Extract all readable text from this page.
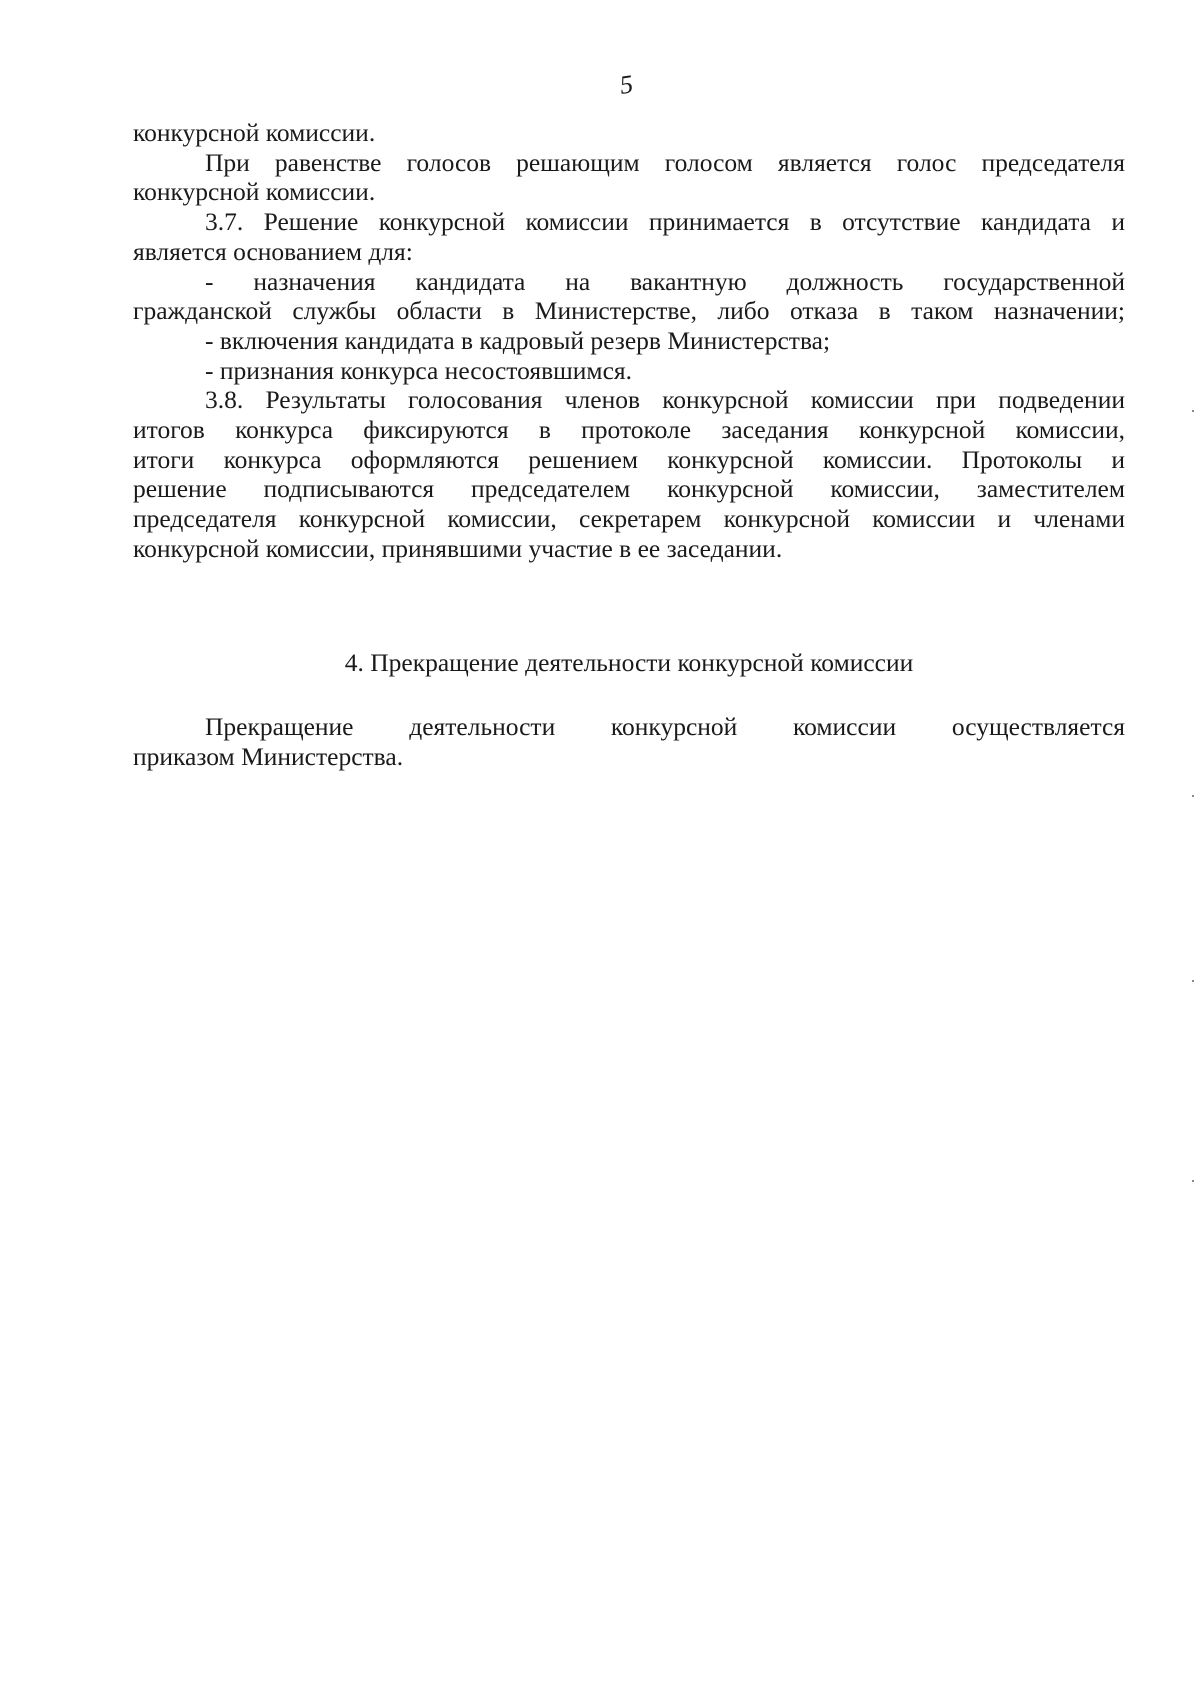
5
конкурсной комиссии.
При равенстве голосов решающим голосом является голос председателя
конкурсной комиссии.
3.7. Решение конкурсной комиссии принимается в отсутствие кандидата и
является основанием для:
- назначения кандидата на вакантную должность государственной
гражданской службы области в Министерстве, либо отказа в таком назначении;
- включения кандидата в кадровый резерв Министерства;
- признания конкурса несостоявшимся.
3.8. Результаты голосования членов конкурсной комиссии при подведении
итогов конкурса фиксируются в протоколе заседания конкурсной комиссии,
итоги конкурса оформляются решением конкурсной комиссии. Протоколы и
решение подписываются председателем конкурсной комиссии, заместителем
председателя конкурсной комиссии, секретарем конкурсной комиссии и членами
конкурсной комиссии, принявшими участие в ее заседании.
4. Прекращение деятельности конкурсной комиссии
Прекращение деятельности конкурсной комиссии осуществляется
приказом Министерства.
